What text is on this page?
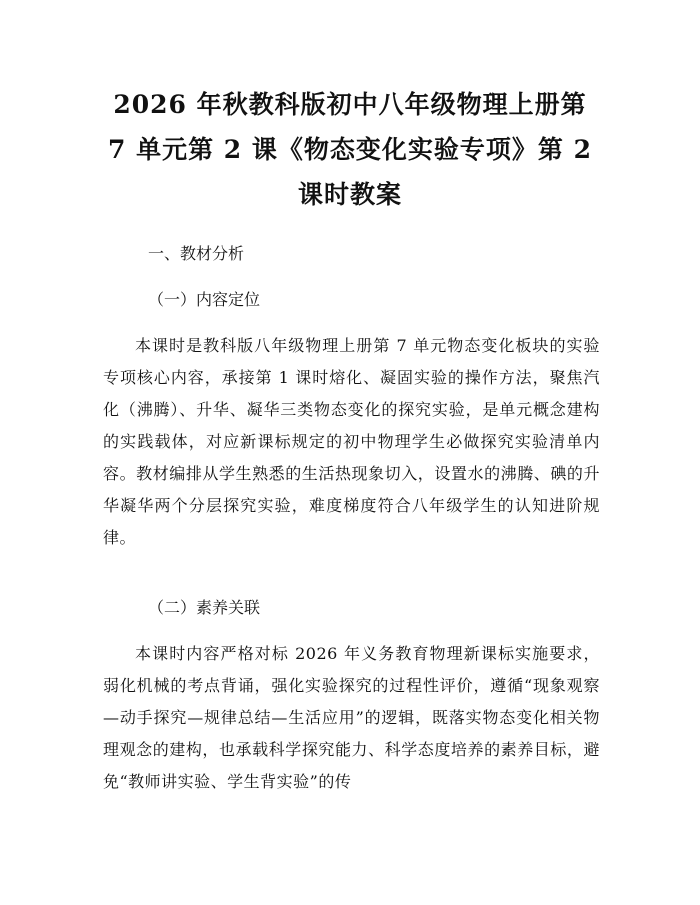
2026 年秋教科版初中八年级物理上册第 7 单元第 2 课《物态变化实验专项》第 2 课时教案

一、教材分析

（一）内容定位

本课时是教科版八年级物理上册第 7 单元物态变化板块的实验专项核心内容，承接第 1 课时熔化、凝固实验的操作方法，聚焦汽化（沸腾）、升华、凝华三类物态变化的探究实验，是单元概念建构的实践载体，对应新课标规定的初中物理学生必做探究实验清单内容。教材编排从学生熟悉的生活热现象切入，设置水的沸腾、碘的升华凝华两个分层探究实验，难度梯度符合八年级学生的认知进阶规律。

（二）素养关联

本课时内容严格对标 2026 年义务教育物理新课标实施要求，弱化机械的考点背诵，强化实验探究的过程性评价，遵循“现象观察—动手探究—规律总结—生活应用”的逻辑，既落实物态变化相关物理观念的建构，也承载科学探究能力、科学态度培养的素养目标，避免“教师讲实验、学生背实验”的传
